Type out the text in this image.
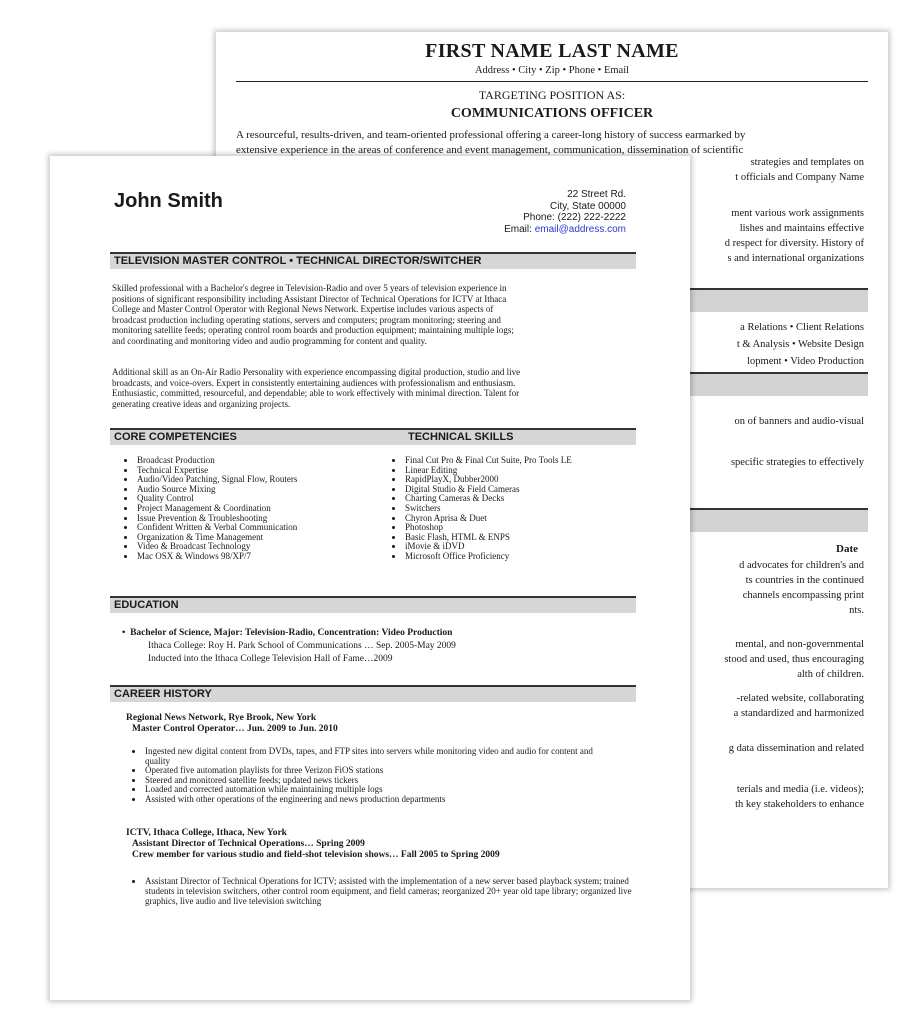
FIRST NAME LAST NAME
Address • City • Zip • Phone • Email
TARGETING POSITION AS:
COMMUNICATIONS OFFICER
A resourceful, results-driven, and team-oriented professional offering a career-long history of success earmarked by
extensive experience in the areas of conference and event management, communication, dissemination of scientific
strategies and templates on
t officials and Company Name
ment various work assignments
lishes and maintains effective
d respect for diversity. History of
s and international organizations
a Relations • Client Relations
t & Analysis • Website Design
lopment • Video Production
on of banners and audio-visual
specific strategies to effectively
Date
d advocates for children's and
ts countries in the continued
channels encompassing print
nts.
mental, and non-governmental
stood and used, thus encouraging
alth of children.
-related website, collaborating
a standardized and harmonized
g data dissemination and related
terials and media (i.e. videos);
th key stakeholders to enhance
John Smith	22 Street Rd.
City, State 00000
Phone: (222) 222-2222
Email: email@address.com
TELEVISION MASTER CONTROL • TECHNICAL DIRECTOR/SWITCHER
Skilled professional with a Bachelor's degree in Television-Radio and over 5 years of television experience in
positions of significant responsibility including Assistant Director of Technical Operations for ICTV at Ithaca
College and Master Control Operator with Regional News Network. Expertise includes various aspects of
broadcast production including operating stations, servers and computers; program monitoring; steering and
monitoring satellite feeds; operating control room boards and production equipment; maintaining multiple logs;
and coordinating and monitoring video and audio programming for content and quality.
Additional skill as an On-Air Radio Personality with experience encompassing digital production, studio and live
broadcasts, and voice-overs. Expert in consistently entertaining audiences with professionalism and enthusiasm.
Enthusiastic, committed, resourceful, and dependable; able to work effectively with minimal direction. Talent for
generating creative ideas and organizing projects.
CORE COMPETENCIES	TECHNICAL SKILLS
• Broadcast Production
• Technical Expertise
• Audio/Video Patching, Signal Flow, Routers
• Audio Source Mixing
• Quality Control
• Project Management & Coordination
• Issue Prevention & Troubleshooting
• Confident Written & Verbal Communication
• Organization & Time Management
• Video & Broadcast Technology
• Mac OSX & Windows 98/XP/7
• Final Cut Pro & Final Cut Suite, Pro Tools LE
• Linear Editing
• RapidPlayX, Dubber2000
• Digital Studio & Field Cameras
• Charting Cameras & Decks
• Switchers
• Chyron Aprisa & Duet
• Photoshop
• Basic Flash, HTML & ENPS
• iMovie & iDVD
• Microsoft Office Proficiency
EDUCATION
•  Bachelor of Science, Major: Television-Radio, Concentration: Video Production
Ithaca College: Roy H. Park School of Communications … Sep. 2005-May 2009
Inducted into the Ithaca College Television Hall of Fame…2009
CAREER HISTORY
Regional News Network, Rye Brook, New York
Master Control Operator… Jun. 2009 to Jun. 2010
• Ingested new digital content from DVDs, tapes, and FTP sites into servers while monitoring video and audio for content and quality
• Operated five automation playlists for three Verizon FiOS stations
• Steered and monitored satellite feeds; updated news tickers
• Loaded and corrected automation while maintaining multiple logs
• Assisted with other operations of the engineering and news production departments
ICTV, Ithaca College, Ithaca, New York
Assistant Director of Technical Operations… Spring 2009
Crew member for various studio and field-shot television shows… Fall 2005 to Spring 2009
• Assistant Director of Technical Operations for ICTV; assisted with the implementation of a new server based playback system; trained students in television switchers, other control room equipment, and field cameras; reorganized 20+ year old tape library; organized live graphics, live audio and live television switching
